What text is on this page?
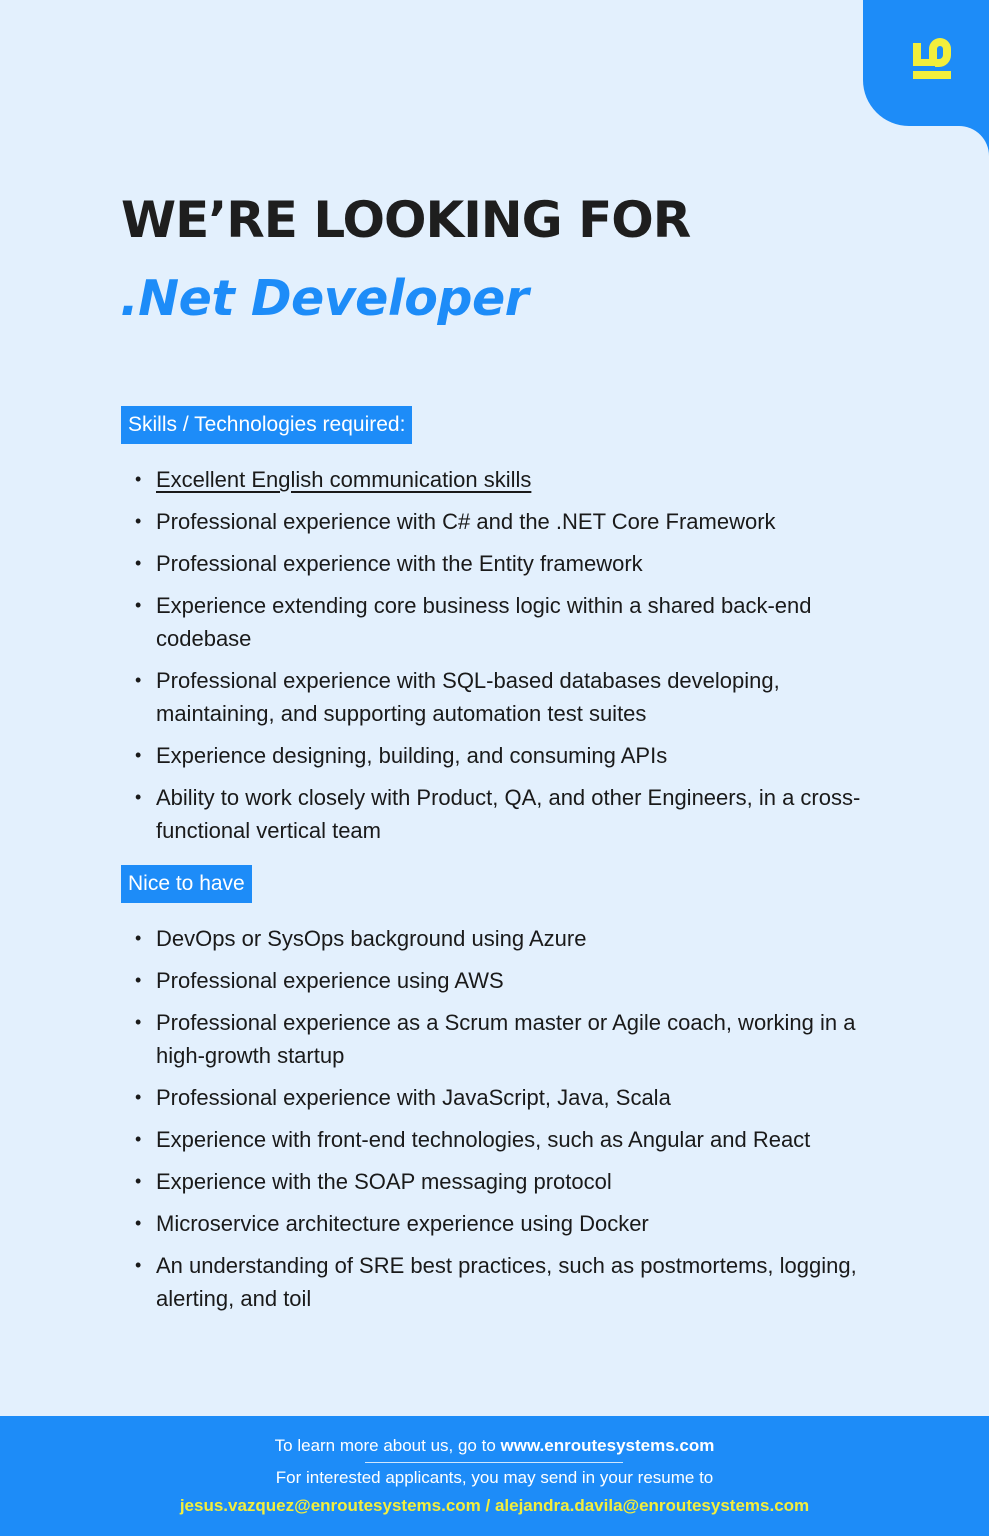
WE’RE LOOKING FOR
.Net Developer
Skills / Technologies required:
• Excellent English communication skills
• Professional experience with C# and the .NET Core Framework
• Professional experience with the Entity framework
• Experience extending core business logic within a shared back-end codebase
• Professional experience with SQL-based databases developing, maintaining, and supporting automation test suites
• Experience designing, building, and consuming APIs
• Ability to work closely with Product, QA, and other Engineers, in a cross-functional vertical team
Nice to have
• DevOps or SysOps background using Azure
• Professional experience using AWS
• Professional experience as a Scrum master or Agile coach, working in a high-growth startup
• Professional experience with JavaScript, Java, Scala
• Experience with front-end technologies, such as Angular and React
• Experience with the SOAP messaging protocol
• Microservice architecture experience using Docker
• An understanding of SRE best practices, such as postmortems, logging, alerting, and toil
To learn more about us, go to www.enroutesystems.com
For interested applicants, you may send in your resume to
jesus.vazquez@enroutesystems.com / alejandra.davila@enroutesystems.com
